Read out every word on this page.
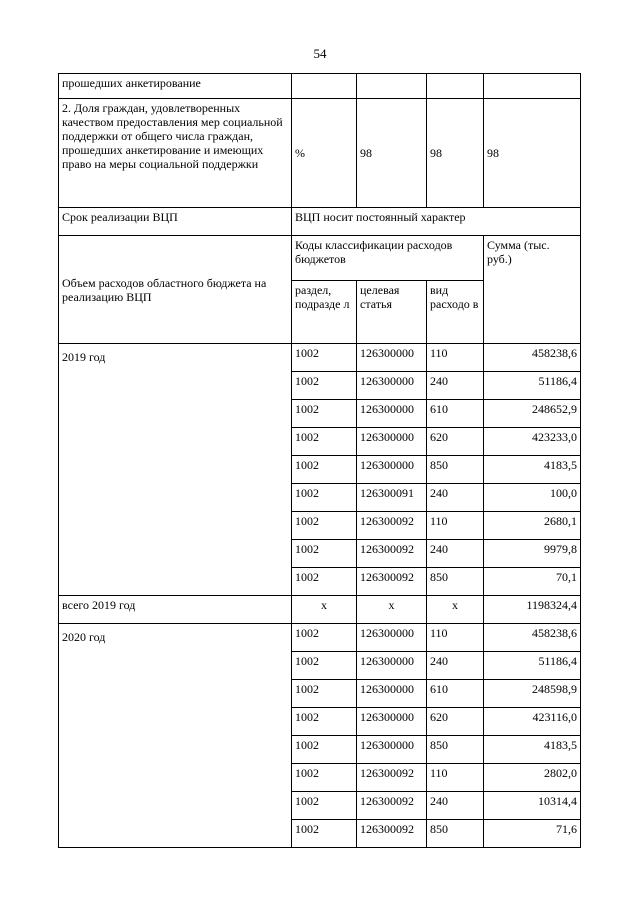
54
прошедших анкетирование				
2. Доля граждан, удовлетворенных качеством предоставления мер социальной поддержки от общего числа граждан, прошедших анкетирование и имеющих право на меры социальной поддержки	%	98	98	98
Срок реализации ВЦП	ВЦП носит постоянный характер			
Объем расходов областного бюджета на реализацию ВЦП	Коды классификации расходов бюджетов			Сумма (тыс. руб.)
	раздел, подразде л	целевая статья	вид расходо в	
2019 год	1002	126300000	110	458238,6
	1002	126300000	240	51186,4
	1002	126300000	610	248652,9
	1002	126300000	620	423233,0
	1002	126300000	850	4183,5
	1002	126300091	240	100,0
	1002	126300092	110	2680,1
	1002	126300092	240	9979,8
	1002	126300092	850	70,1
всего 2019 год	x	x	x	1198324,4
2020 год	1002	126300000	110	458238,6
	1002	126300000	240	51186,4
	1002	126300000	610	248598,9
	1002	126300000	620	423116,0
	1002	126300000	850	4183,5
	1002	126300092	110	2802,0
	1002	126300092	240	10314,4
	1002	126300092	850	71,6
